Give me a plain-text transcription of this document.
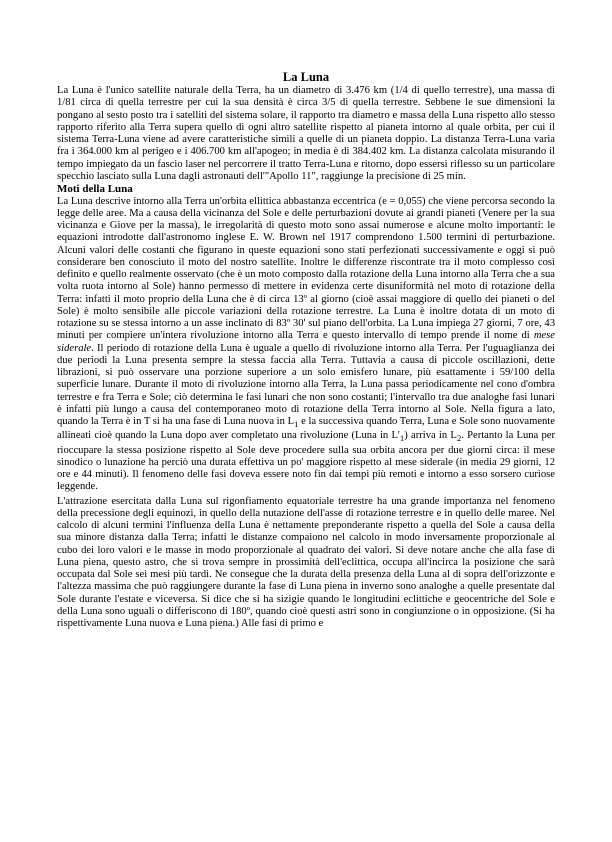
La Luna

La Luna è l'unico satellite naturale della Terra, ha un diametro di 3.476 km (1/4 di quello terrestre), una massa di 1/81 circa di quella terrestre per cui la sua densità è circa 3/5 di quella terrestre. Sebbene le sue dimensioni la pongano al sesto posto tra i satelliti del sistema solare, il rapporto tra diametro e massa della Luna rispetto allo stesso rapporto riferito alla Terra supera quello di ogni altro satellite rispetto al pianeta intorno al quale orbita, per cui il sistema Terra-Luna viene ad avere caratteristiche simili a quelle di un pianeta doppio. La distanza Terra-Luna varia fra i 364.000 km al perigeo e i 406.700 km all'apogeo; in media è di 384.402 km. La distanza calcolata misurando il tempo impiegato da un fascio laser nel percorrere il tratto Terra-Luna e ritorno, dopo essersi riflesso su un particolare specchio lasciato sulla Luna dagli astronauti dell'"Apollo 11", raggiunge la precisione di 25 min.

Moti della Luna

La Luna descrive intorno alla Terra un'orbita ellittica abbastanza eccentrica (e = 0,055) che viene percorsa secondo la legge delle aree. Ma a causa della vicinanza del Sole e delle perturbazioni dovute ai grandi pianeti (Venere per la sua vicinanza e Giove per la massa), le irregolarità di questo moto sono assai numerose e alcune molto importanti: le equazioni introdotte dall'astronomo inglese E. W. Brown nel 1917 comprendono 1.500 termini di perturbazione. Alcuni valori delle costanti che figurano in queste equazioni sono stati perfezionati successivamente e oggi si può considerare ben conosciuto il moto del nostro satellite. Inoltre le differenze riscontrate tra il moto complesso così definito e quello realmente osservato (che è un moto composto dalla rotazione della Luna intorno alla Terra che a sua volta ruota intorno al Sole) hanno permesso di mettere in evidenza certe disuniformità nel moto di rotazione della Terra: infatti il moto proprio della Luna che è di circa 13º al giorno (cioè assai maggiore di quello dei pianeti o del Sole) è molto sensibile alle piccole variazioni della rotazione terrestre. La Luna è inoltre dotata di un moto di rotazione su se stessa intorno a un asse inclinato di 83º 30' sul piano dell'orbita. La Luna impiega 27 giorni, 7 ore, 43 minuti per compiere un'intera rivoluzione intorno alla Terra e questo intervallo di tempo prende il nome di mese siderale. Il periodo di rotazione della Luna è uguale a quello di rivoluzione intorno alla Terra. Per l'uguaglianza dei due periodi la Luna presenta sempre la stessa faccia alla Terra. Tuttavia a causa di piccole oscillazioni, dette librazioni, si può osservare una porzione superiore a un solo emisfero lunare, più esattamente i 59/100 della superficie lunare. Durante il moto di rivoluzione intorno alla Terra, la Luna passa periodicamente nel cono d'ombra terrestre e fra Terra e Sole; ciò determina le fasi lunari che non sono costanti; l'intervallo tra due analoghe fasi lunari è infatti più lungo a causa del contemporaneo moto di rotazione della Terra intorno al Sole. Nella figura a lato, quando la Terra è in T si ha una fase di Luna nuova in $L_1$ e la successiva quando Terra, Luna e Sole sono nuovamente allineati cioè quando la Luna dopo aver completato una rivoluzione (Luna in $L'_1$) arriva in $L_2$. Pertanto la Luna per rioccupare la stessa posizione rispetto al Sole deve procedere sulla sua orbita ancora per due giorni circa: il mese sinodico o lunazione ha perciò una durata effettiva un po' maggiore rispetto al mese siderale (in media 29 giorni, 12 ore e 44 minuti). Il fenomeno delle fasi doveva essere noto fin dai tempi più remoti e intorno a esso sorsero curiose leggende.

L'attrazione esercitata dalla Luna sul rigonfiamento equatoriale terrestre ha una grande importanza nel fenomeno della precessione degli equinozi, in quello della nutazione dell'asse di rotazione terrestre e in quello delle maree. Nel calcolo di alcuni termini l'influenza della Luna è nettamente preponderante rispetto a quella del Sole a causa della sua minore distanza dalla Terra; infatti le distanze compaiono nel calcolo in modo inversamente proporzionale al cubo dei loro valori e le masse in modo proporzionale al quadrato dei valori. Si deve notare anche che alla fase di Luna piena, questo astro, che si trova sempre in prossimità dell'eclittica, occupa all'incirca la posizione che sarà occupata dal Sole sei mesi più tardi. Ne consegue che la durata della presenza della Luna al di sopra dell'orizzonte e l'altezza massima che può raggiungere durante la fase di Luna piena in inverno sono analoghe a quelle presentate dal Sole durante l'estate e viceversa. Si dice che si ha sizigie quando le longitudini eclittiche e geocentriche del Sole e della Luna sono uguali o differiscono di 180º, quando cioè questi astri sono in congiunzione o in opposizione. (Si ha rispettivamente Luna nuova e Luna piena.) Alle fasi di primo e
